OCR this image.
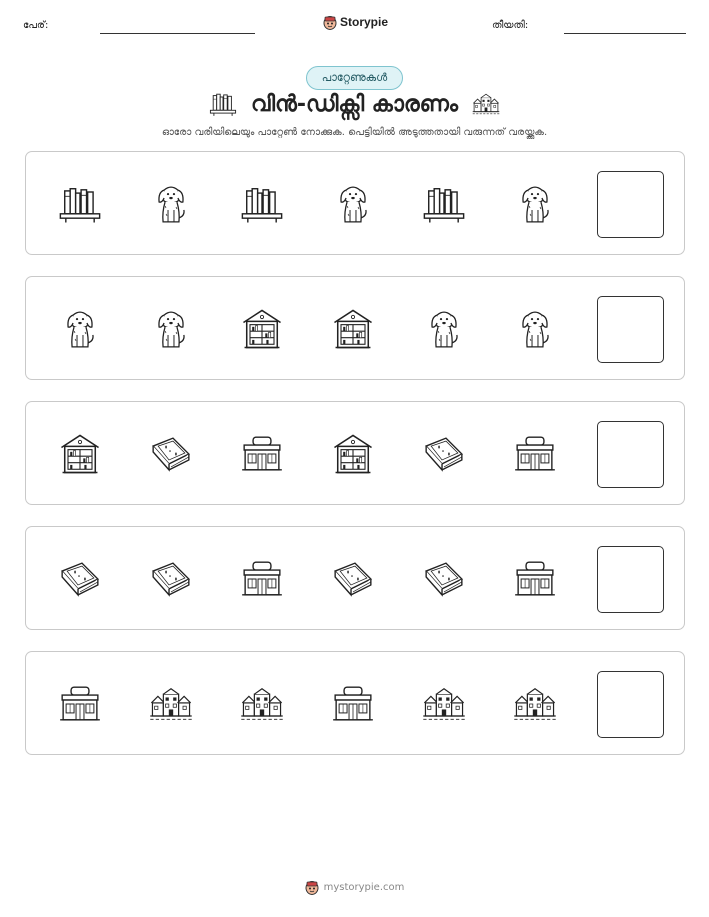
പേര്:	Storypie	തീയതി:
പാറ്റേണുകൾ
വിൻ-ഡിക്സി കാരണം
ഓരോ വരിയിലെയും പാറ്റേൺ നോക്കുക. പെട്ടിയിൽ അടുത്തതായി വരുന്നത് വരയ്ക്കുക.
mystorypie.com
